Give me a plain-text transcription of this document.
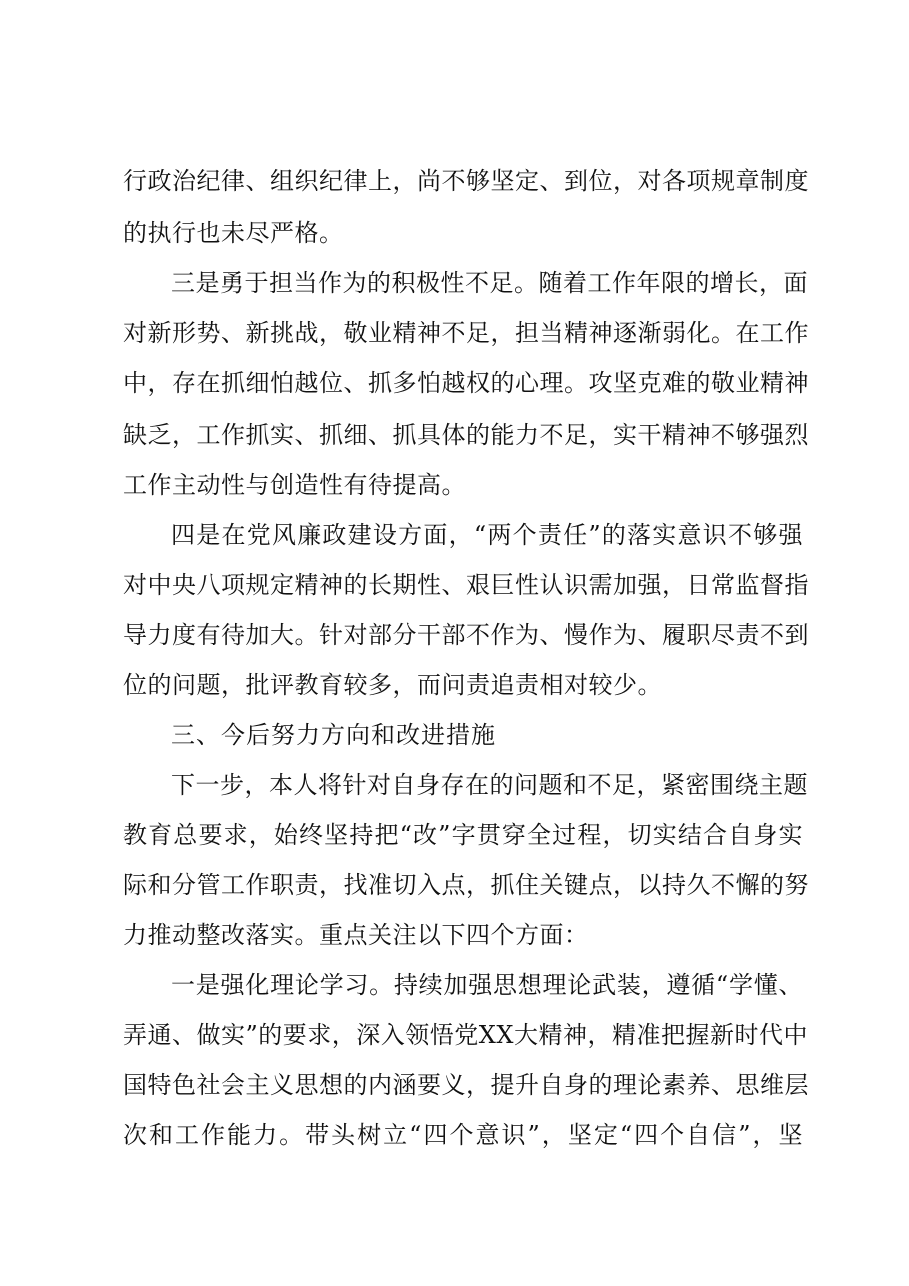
行政治纪律、组织纪律上，尚不够坚定、到位，对各项规章制度
的执行也未尽严格。
三是勇于担当作为的积极性不足。随着工作年限的增长，面
对新形势、新挑战，敬业精神不足，担当精神逐渐弱化。在工作
中，存在抓细怕越位、抓多怕越权的心理。攻坚克难的敬业精神
缺乏，工作抓实、抓细、抓具体的能力不足，实干精神不够强烈
工作主动性与创造性有待提高。
四是在党风廉政建设方面，“两个责任”的落实意识不够强
对中央八项规定精神的长期性、艰巨性认识需加强，日常监督指
导力度有待加大。针对部分干部不作为、慢作为、履职尽责不到
位的问题，批评教育较多，而问责追责相对较少。
三、今后努力方向和改进措施
下一步，本人将针对自身存在的问题和不足，紧密围绕主题
教育总要求，始终坚持把“改”字贯穿全过程，切实结合自身实
际和分管工作职责，找准切入点，抓住关键点，以持久不懈的努
力推动整改落实。重点关注以下四个方面：
一是强化理论学习。持续加强思想理论武装，遵循“学懂、
弄通、做实”的要求，深入领悟党XX大精神，精准把握新时代中
国特色社会主义思想的内涵要义，提升自身的理论素养、思维层
次和工作能力。带头树立“四个意识”，坚定“四个自信”，坚
